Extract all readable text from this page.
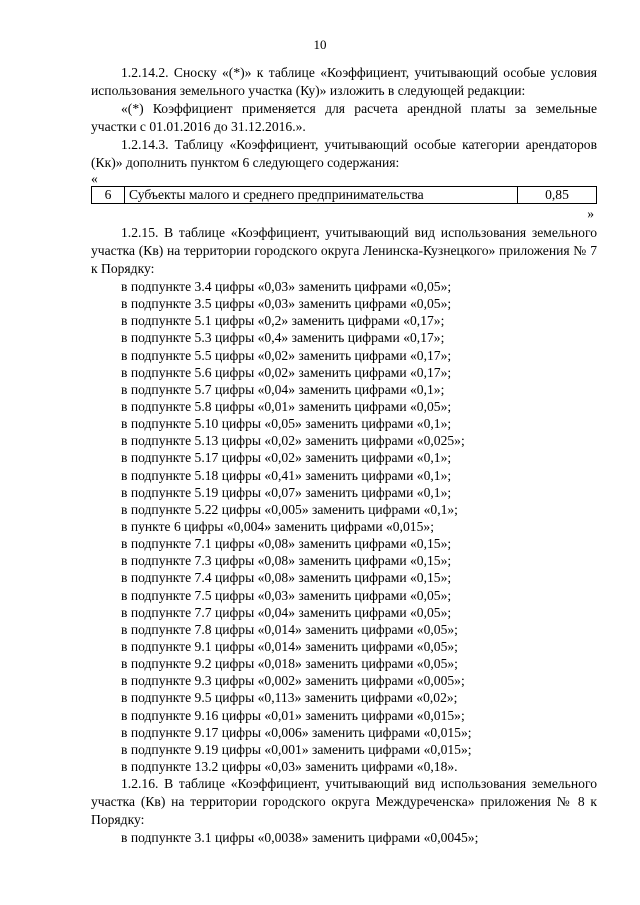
10

1.2.14.2. Сноску «(*)» к таблице «Коэффициент, учитывающий особые условия использования земельного участка (Ку)» изложить в следующей редакции:

«(*) Коэффициент применяется для расчета арендной платы за земельные участки с 01.01.2016 до 31.12.2016.».

1.2.14.3. Таблицу «Коэффициент, учитывающий особые категории арендаторов (Кк)» дополнить пунктом 6 следующего содержания:

«
6	Субъекты малого и среднего предпринимательства	0,85
»

1.2.15. В таблице «Коэффициент, учитывающий вид использования земельного участка (Кв) на территории городского округа Ленинска-Кузнецкого» приложения № 7 к Порядку:

в подпункте 3.4 цифры «0,03» заменить цифрами «0,05»;
в подпункте 3.5 цифры «0,03» заменить цифрами «0,05»;
в подпункте 5.1 цифры «0,2» заменить цифрами «0,17»;
в подпункте 5.3 цифры «0,4» заменить цифрами «0,17»;
в подпункте 5.5 цифры «0,02» заменить цифрами «0,17»;
в подпункте 5.6 цифры «0,02» заменить цифрами «0,17»;
в подпункте 5.7 цифры «0,04» заменить цифрами «0,1»;
в подпункте 5.8 цифры «0,01» заменить цифрами «0,05»;
в подпункте 5.10 цифры «0,05» заменить цифрами «0,1»;
в подпункте 5.13 цифры «0,02» заменить цифрами «0,025»;
в подпункте 5.17 цифры «0,02» заменить цифрами «0,1»;
в подпункте 5.18 цифры «0,41» заменить цифрами «0,1»;
в подпункте 5.19 цифры «0,07» заменить цифрами «0,1»;
в подпункте 5.22 цифры «0,005» заменить цифрами «0,1»;
в пункте 6 цифры «0,004» заменить цифрами «0,015»;
в подпункте 7.1 цифры «0,08» заменить цифрами «0,15»;
в подпункте 7.3 цифры «0,08» заменить цифрами «0,15»;
в подпункте 7.4 цифры «0,08» заменить цифрами «0,15»;
в подпункте 7.5 цифры «0,03» заменить цифрами «0,05»;
в подпункте 7.7 цифры «0,04» заменить цифрами «0,05»;
в подпункте 7.8 цифры «0,014» заменить цифрами «0,05»;
в подпункте 9.1 цифры «0,014» заменить цифрами «0,05»;
в подпункте 9.2 цифры «0,018» заменить цифрами «0,05»;
в подпункте 9.3 цифры «0,002» заменить цифрами «0,005»;
в подпункте 9.5 цифры «0,113» заменить цифрами «0,02»;
в подпункте 9.16 цифры «0,01» заменить цифрами «0,015»;
в подпункте 9.17 цифры «0,006» заменить цифрами «0,015»;
в подпункте 9.19 цифры «0,001» заменить цифрами «0,015»;
в подпункте 13.2 цифры «0,03» заменить цифрами «0,18».

1.2.16. В таблице «Коэффициент, учитывающий вид использования земельного участка (Кв) на территории городского округа Междуреченска» приложения № 8 к Порядку:

в подпункте 3.1 цифры «0,0038» заменить цифрами «0,0045»;
